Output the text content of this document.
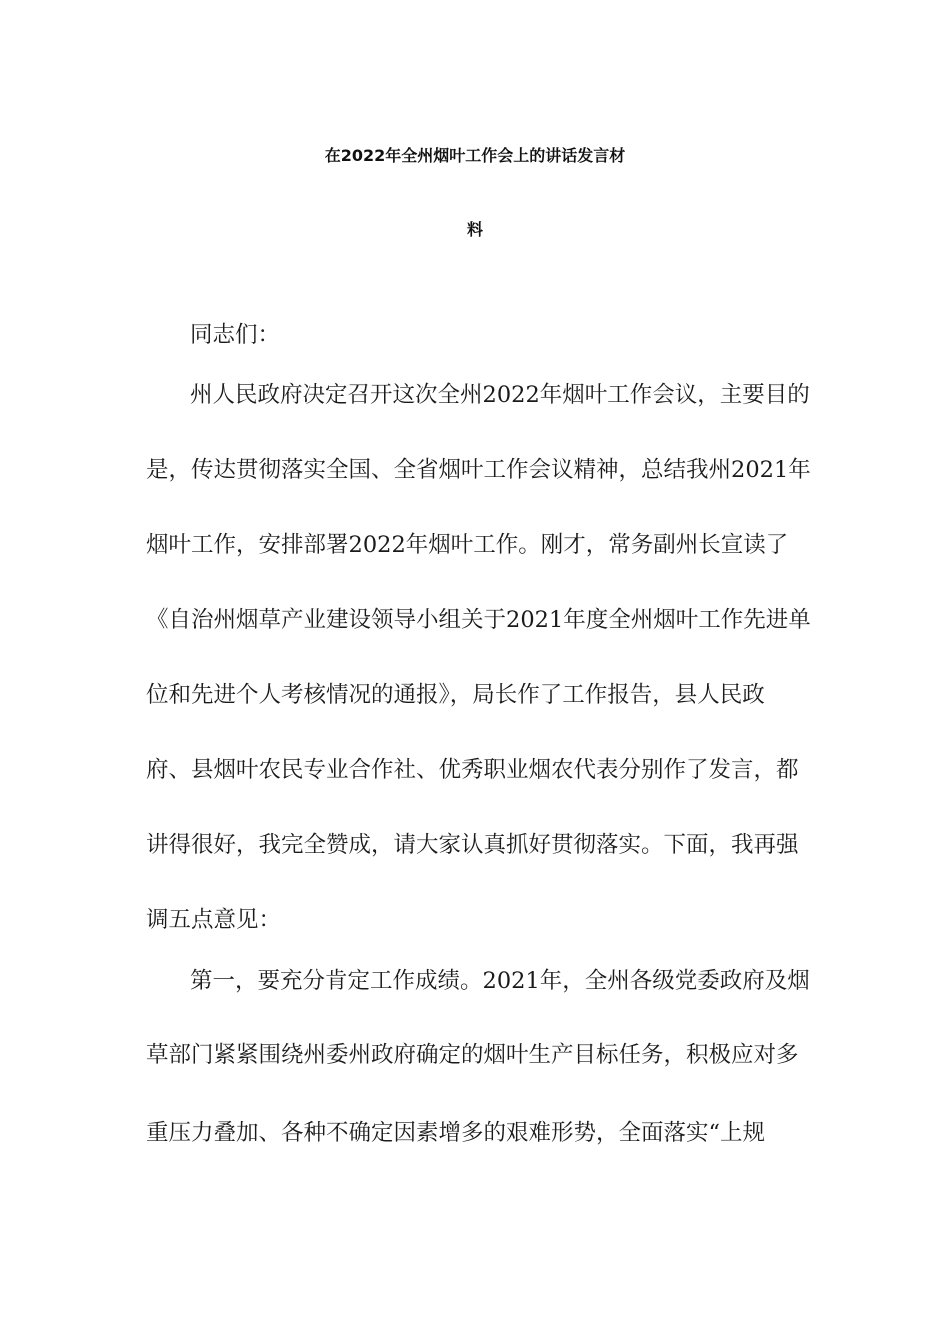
在2022年全州烟叶工作会上的讲话发言材
料
同志们：
州人民政府决定召开这次全州2022年烟叶工作会议，主要目的
是，传达贯彻落实全国、全省烟叶工作会议精神，总结我州2021年
烟叶工作，安排部署2022年烟叶工作。刚才，常务副州长宣读了
《自治州烟草产业建设领导小组关于2021年度全州烟叶工作先进单
位和先进个人考核情况的通报》，局长作了工作报告，县人民政
府、县烟叶农民专业合作社、优秀职业烟农代表分别作了发言，都
讲得很好，我完全赞成，请大家认真抓好贯彻落实。下面，我再强
调五点意见：
第一，要充分肯定工作成绩。2021年，全州各级党委政府及烟
草部门紧紧围绕州委州政府确定的烟叶生产目标任务，积极应对多
重压力叠加、各种不确定因素增多的艰难形势，全面落实“上规
